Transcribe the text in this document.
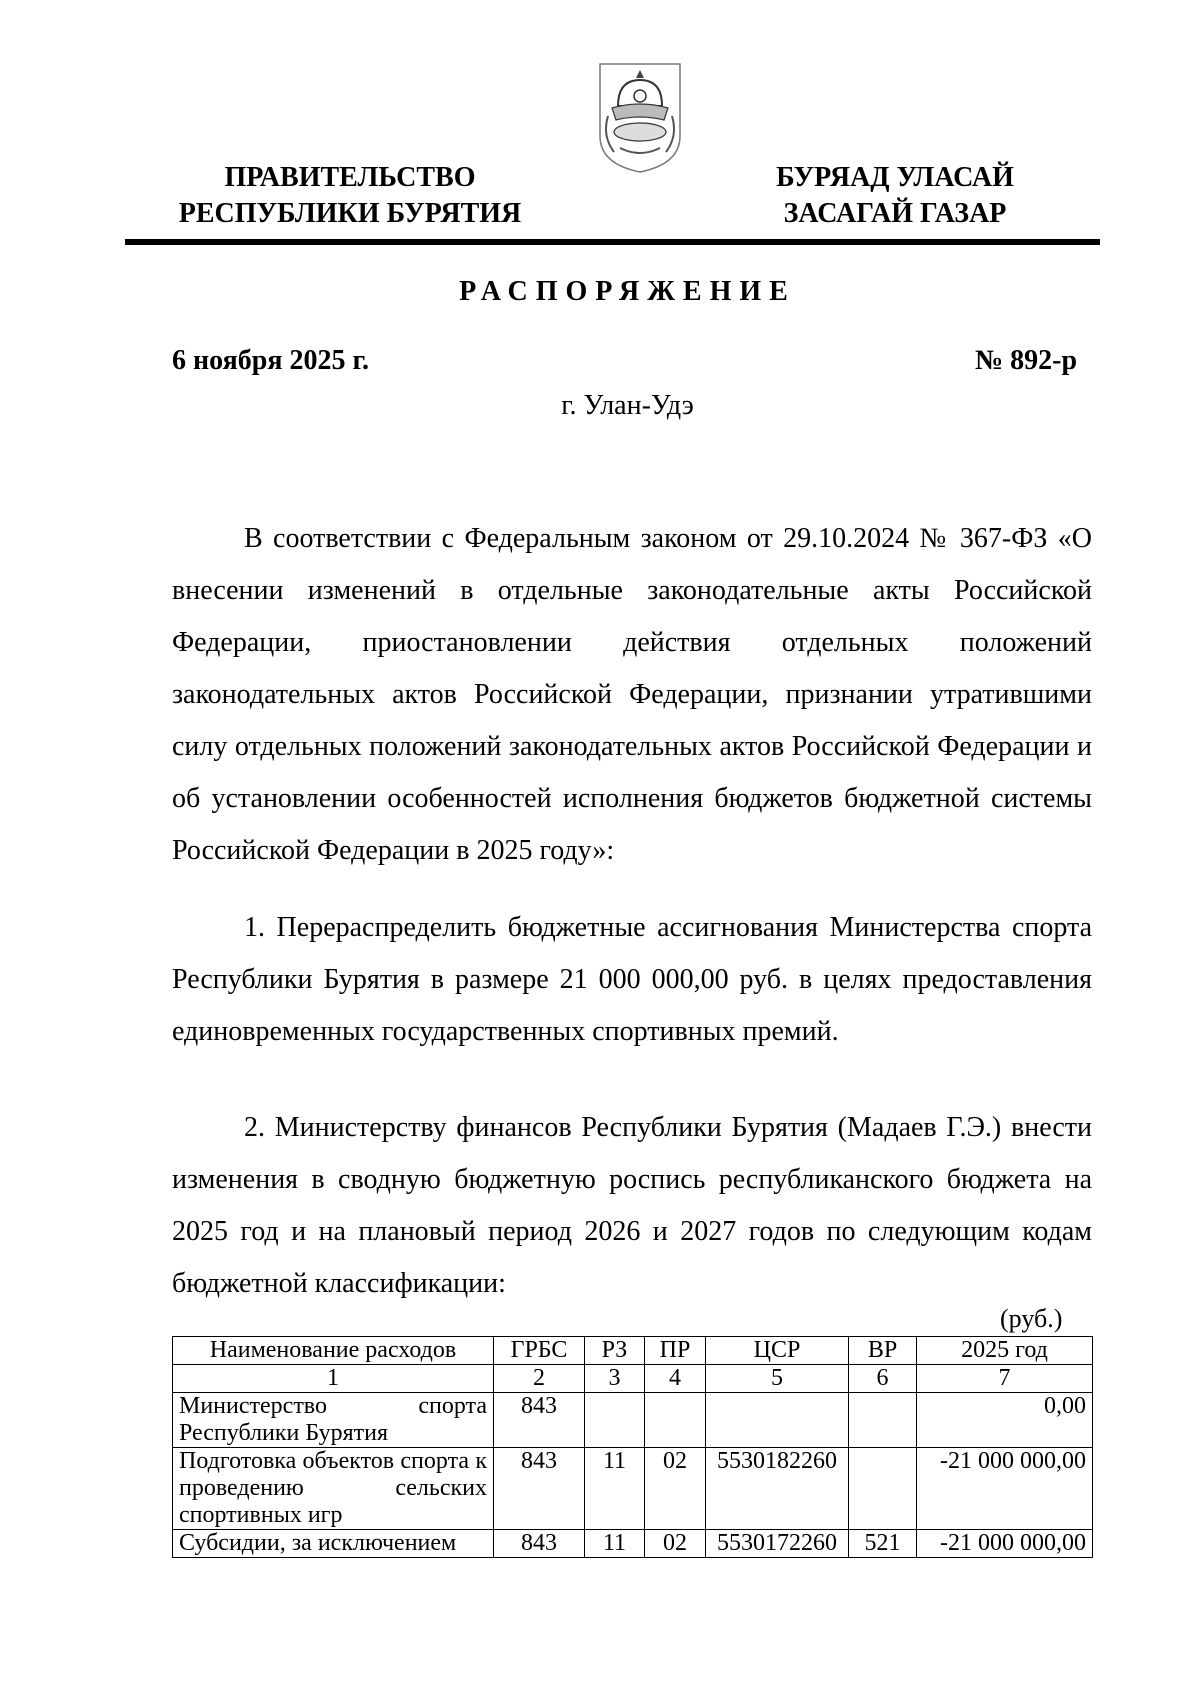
ПРАВИТЕЛЬСТВО
РЕСПУБЛИКИ БУРЯТИЯ
БУРЯАД УЛАСАЙ
ЗАСАГАЙ ГАЗАР
РАСПОРЯЖЕНИЕ
6 ноября 2025 г.	№ 892-р
г. Улан-Удэ

В соответствии с Федеральным законом от 29.10.2024 № 367-ФЗ «О внесении изменений в отдельные законодательные акты Российской Федерации, приостановлении действия отдельных положений законодательных актов Российской Федерации, признании утратившими силу отдельных положений законодательных актов Российской Федерации и об установлении особенностей исполнения бюджетов бюджетной системы Российской Федерации в 2025 году»:

1. Перераспределить бюджетные ассигнования Министерства спорта Республики Бурятия в размере 21 000 000,00 руб. в целях предоставления единовременных государственных спортивных премий.

2. Министерству финансов Республики Бурятия (Мадаев Г.Э.) внести изменения в сводную бюджетную роспись республиканского бюджета на 2025 год и на плановый период 2026 и 2027 годов по следующим кодам бюджетной классификации:

(руб.)
Наименование расходов	ГРБС	РЗ	ПР	ЦСР	ВР	2025 год
1	2	3	4	5	6	7
Министерство спорта Республики Бурятия	843					0,00
Подготовка объектов спорта к проведению сельских спортивных игр	843	11	02	5530182260		-21 000 000,00
Субсидии, за исключением	843	11	02	5530172260	521	-21 000 000,00
